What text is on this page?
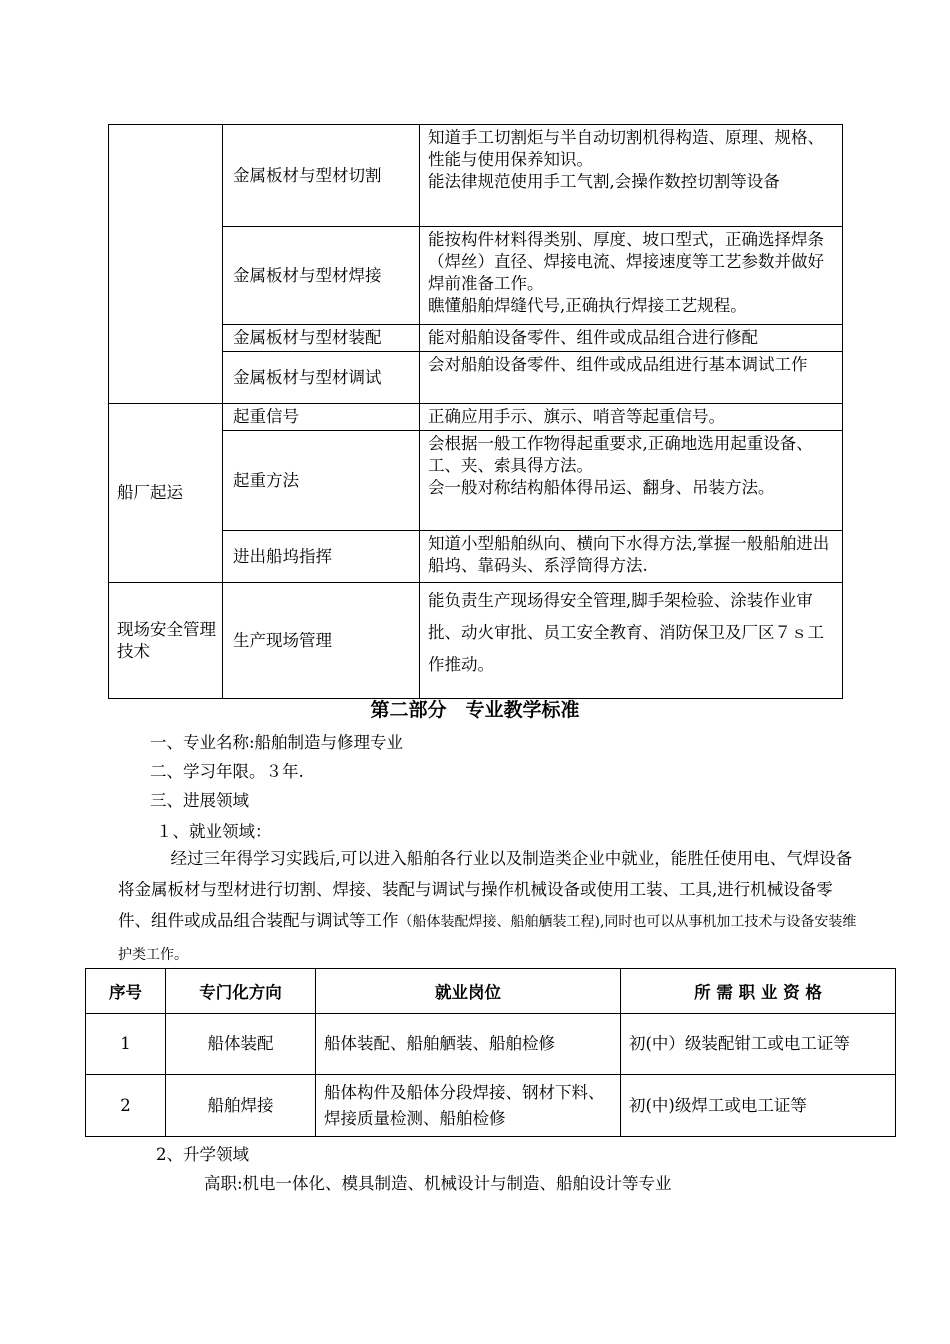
	金属板材与型材切割	知道手工切割炬与半自动切割机得构造、原理、规格、性能与使用保养知识。

能法律规范使用手工气割,会操作数控切割等设备

	金属板材与型材焊接	能按构件材料得类别、厚度、坡口型式，正确选择焊条（焊丝）直径、焊接电流、焊接速度等工艺参数并做好焊前准备工作。

瞧懂船舶焊缝代号,正确执行焊接工艺规程。

	金属板材与型材装配	能对船舶设备零件、组件或成品组合进行修配

	金属板材与型材调试	会对船舶设备零件、组件或成品组进行基本调试工作

船厂起运	起重信号	正确应用手示、旗示、哨音等起重信号。

	起重方法	会根据一般工作物得起重要求,正确地选用起重设备、工、夹、索具得方法。

会一般对称结构船体得吊运、翻身、吊装方法。

	进出船坞指挥	知道小型船舶纵向、横向下水得方法,掌握一般船舶进出船坞、靠码头、系浮筒得方法.

现场安全管理技术	生产现场管理	能负责生产现场得安全管理,脚手架检验、涂装作业审批、动火审批、员工安全教育、消防保卫及厂区７ｓ工作推动。

第二部分　专业教学标准
一、专业名称:船舶制造与修理专业
二、学习年限。３年.
三、进展领域
１、就业领域：
　经过三年得学习实践后,可以进入船舶各行业以及制造类企业中就业，能胜任使用电、气焊设备将金属板材与型材进行切割、焊接、装配与调试与操作机械设备或使用工装、工具,进行机械设备零件、组件或成品组合装配与调试等工作（船体装配焊接、船舶舾装工程),同时也可以从事机加工技术与设备安装维护类工作。
序号	专门化方向	就业岗位	所 需 职 业 资 格
1	船体装配	船体装配、船舶舾装、船舶检修	初(中）级装配钳工或电工证等
2	船舶焊接	船体构件及船体分段焊接、钢材下料、焊接质量检测、船舶检修	初(中)级焊工或电工证等
2、升学领域
高职:机电一体化、模具制造、机械设计与制造、船舶设计等专业
